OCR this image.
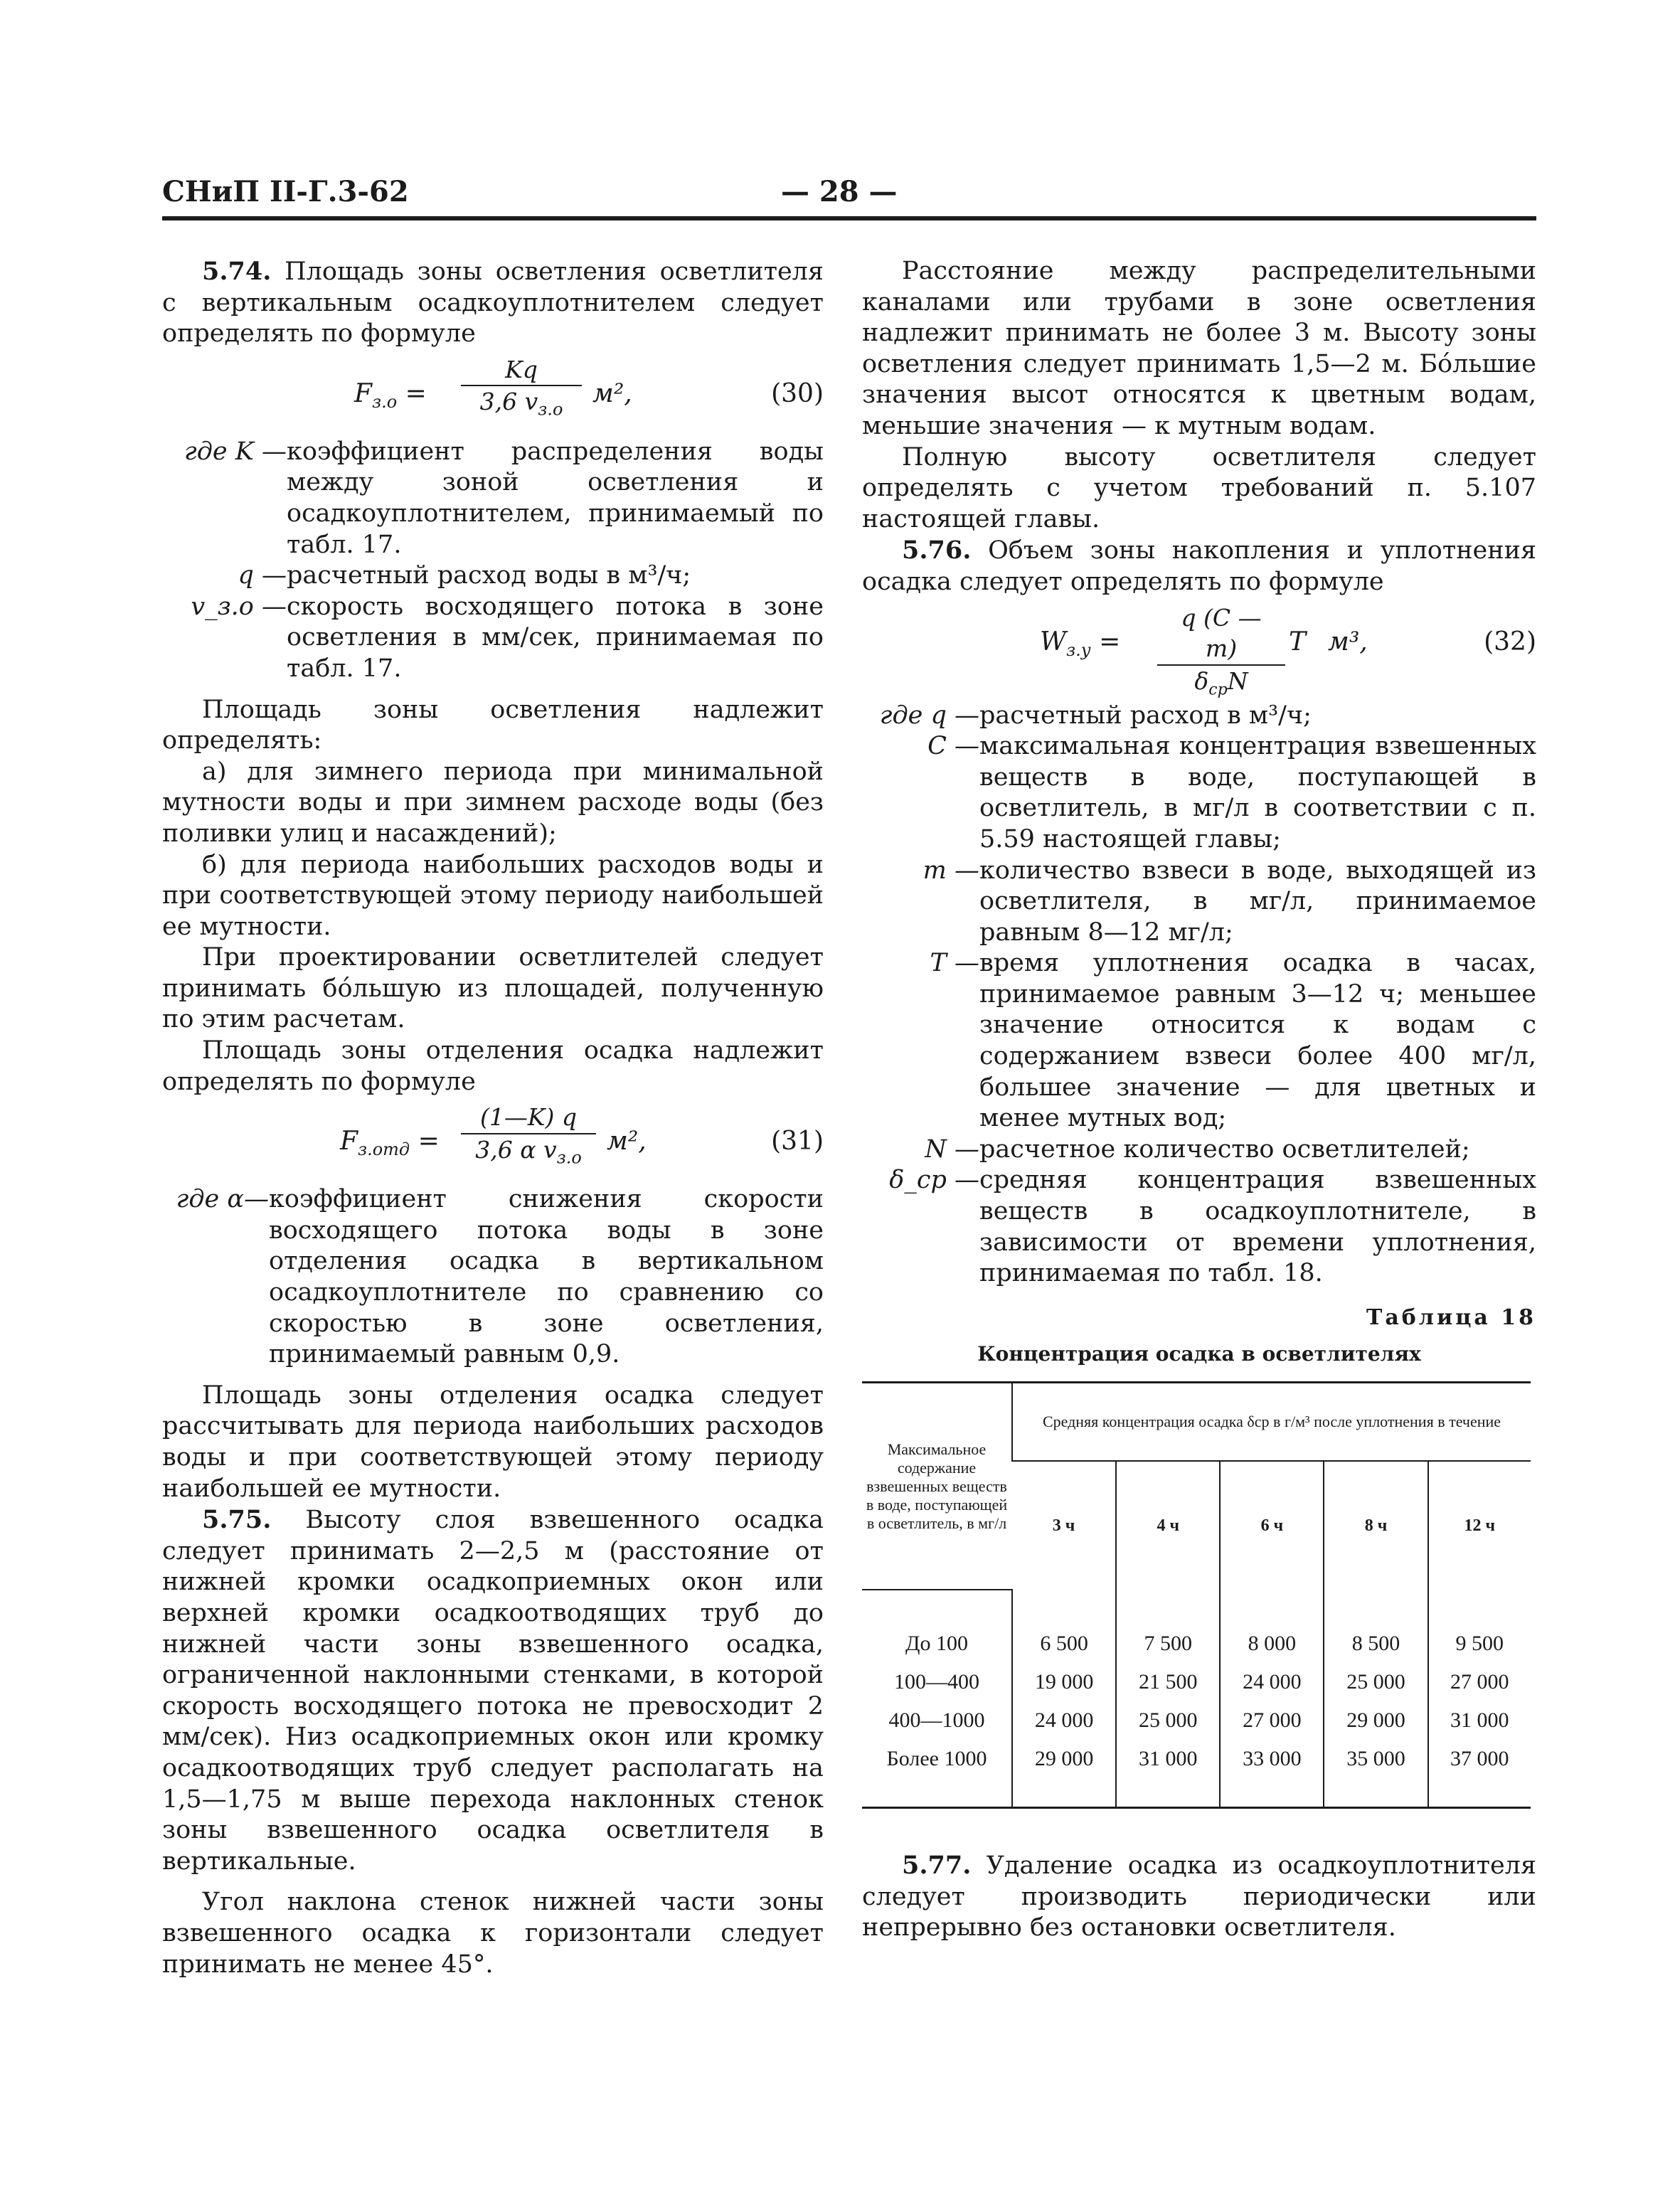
СНиП II-Г.3-62	— 28 —

5.74. Площадь зоны осветления осветлителя с вертикальным осадкоуплотнителем следует определять по формуле

$F_{з.о}$ =
Kq
3,6 $v_{з.о}$
м²,	(30)
где K — коэффициент распределения воды между зоной осветления и осадкоуплотнителем, принимаемый по табл. 17.
q — расчетный расход воды в м³/ч;
v_з.о — скорость восходящего потока в зоне осветления в мм/сек, принимаемая по табл. 17.

Площадь зоны осветления надлежит определять:

а) для зимнего периода при минимальной мутности воды и при зимнем расходе воды (без поливки улиц и насаждений);

б) для периода наибольших расходов воды и при соответствующей этому периоду наибольшей ее мутности.

При проектировании осветлителей следует принимать бо́льшую из площадей, полученную по этим расчетам.

Площадь зоны отделения осадка надлежит определять по формуле

$F_{з.отд}$ =
(1—K) q
3,6 α $v_{з.о}$
м²,	(31)
где α— коэффициент снижения скорости восходящего потока воды в зоне отделения осадка в вертикальном осадкоуплотнителе по сравнению со скоростью в зоне осветления, принимаемый равным 0,9.

Площадь зоны отделения осадка следует рассчитывать для периода наибольших расходов воды и при соответствующей этому периоду наибольшей ее мутности.

5.75. Высоту слоя взвешенного осадка следует принимать 2—2,5 м (расстояние от нижней кромки осадкоприемных окон или верхней кромки осадкоотводящих труб до нижней части зоны взвешенного осадка, ограниченной наклонными стенками, в которой скорость восходящего потока не превосходит 2 мм/сек). Низ осадкоприемных окон или кромку осадкоотводящих труб следует располагать на 1,5—1,75 м выше перехода наклонных стенок зоны взвешенного осадка осветлителя в вертикальные.

Угол наклона стенок нижней части зоны взвешенного осадка к горизонтали следует принимать не менее 45°.

Расстояние между распределительными каналами или трубами в зоне осветления надлежит принимать не более 3 м. Высоту зоны осветления следует принимать 1,5—2 м. Бо́льшие значения высот относятся к цветным водам, меньшие значения — к мутным водам.

Полную высоту осветлителя следует определять с учетом требований п. 5.107 настоящей главы.

5.76. Объем зоны накопления и уплотнения осадка следует определять по формуле

$W_{з.у}$ =
q (C — m)
$\delta_{ср}N$
T м³,	(32)
где q — расчетный расход в м³/ч;
C — максимальная концентрация взвешенных веществ в воде, поступающей в осветлитель, в мг/л в соответствии с п. 5.59 настоящей главы;
m — количество взвеси в воде, выходящей из осветлителя, в мг/л, принимаемое равным 8—12 мг/л;
T — время уплотнения осадка в часах, принимаемое равным 3—12 ч; меньшее значение относится к водам с содержанием взвеси более 400 мг/л, большее значение — для цветных и менее мутных вод;
N — расчетное количество осветлителей;
δ_ср — средняя концентрация взвешенных веществ в осадкоуплотнителе, в зависимости от времени уплотнения, принимаемая по табл. 18.
Таблица 18
Концентрация осадка в осветлителях
Максимальное содержание взвешенных веществ в воде, поступающей в осветлитель, в мг/л	Средняя концентрация осадка δср в г/м³ после уплотнения в течение				
	3 ч	4 ч	6 ч	8 ч	12 ч
До 100	6 500	7 500	8 000	8 500	9 500
100—400	19 000	21 500	24 000	25 000	27 000
400—1000	24 000	25 000	27 000	29 000	31 000
Более 1000	29 000	31 000	33 000	35 000	37 000

5.77. Удаление осадка из осадкоуплотнителя следует производить периодически или непрерывно без остановки осветлителя.
